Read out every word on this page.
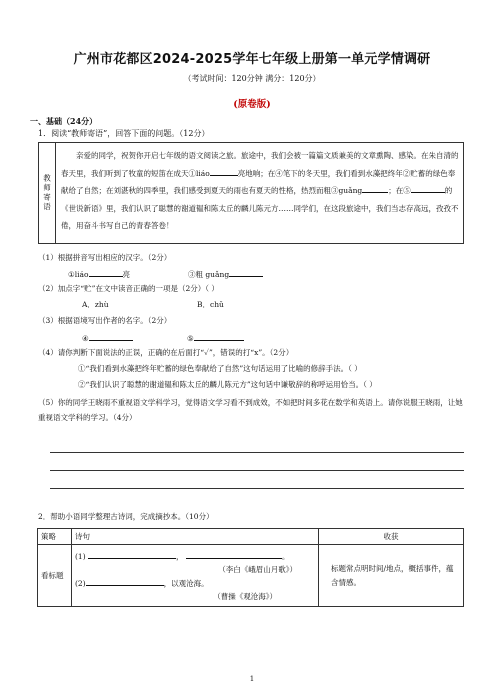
广州市花都区2024-2025学年七年级上册第一单元学情调研
（考试时间：120分钟 满分：120分）
(原卷版)
一、基础（24分）
1．阅读“教师寄语”，回答下面的问题。（12分）
教师寄语
亲爱的同学，祝贺你开启七年级的语文阅读之旅。旅途中，我们会被一篇篇文质兼美的文章熏陶、感染。在朱自清的春天里，我们听到了牧童的短笛在成天①liáo	亮地响；在④笔下的冬天里，我们看到水藻把终年②贮蓄的绿色奉献给了自然；在刘湛秋的四季里，我们感受到夏天的雨也有夏天的性格，热烈而粗③guǎng	；在⑤	的《世说新语》里，我们认识了聪慧的谢道韫和陈太丘的麟儿陈元方……同学们，在这段旅途中，我们当志存高远，孜孜不倦，用奋斗书写自己的青春答卷！
（1）根据拼音写出相应的汉字。（2分）
①liáo	亮	③粗 guǎng
（2）加点字“贮”在文中读音正确的一项是（2分）（ ）
A．zhù	B．chǔ
（3）根据语境写出作者的名字。（2分）
④	⑤
（4）请你判断下面说法的正误，正确的在后面打“✓”，错误的打“x”。（2分）
①“我们看到水藻把终年贮蓄的绿色奉献给了自然”这句话运用了比喻的修辞手法。（ ）
②“我们认识了聪慧的谢道韫和陈太丘的麟儿陈元方”这句话中谦敬辞的称呼运用恰当。（ ）
（5）你的同学王晓雨不重视语文学科学习，觉得语文学习看不到成效，不如把时间多花在数学和英语上。请你说服王晓雨，让她重视语文学科的学习。（4分）
2．帮助小语同学整理古诗词，完成摘抄本。（10分）
策略	诗句	收获
看标题	(1) ， 。
（李白《峨眉山月歌》）
(2) ，以观沧海。
（曹操《观沧海》）	标题常点明时间/地点，概括事件，蕴含情感。
1
